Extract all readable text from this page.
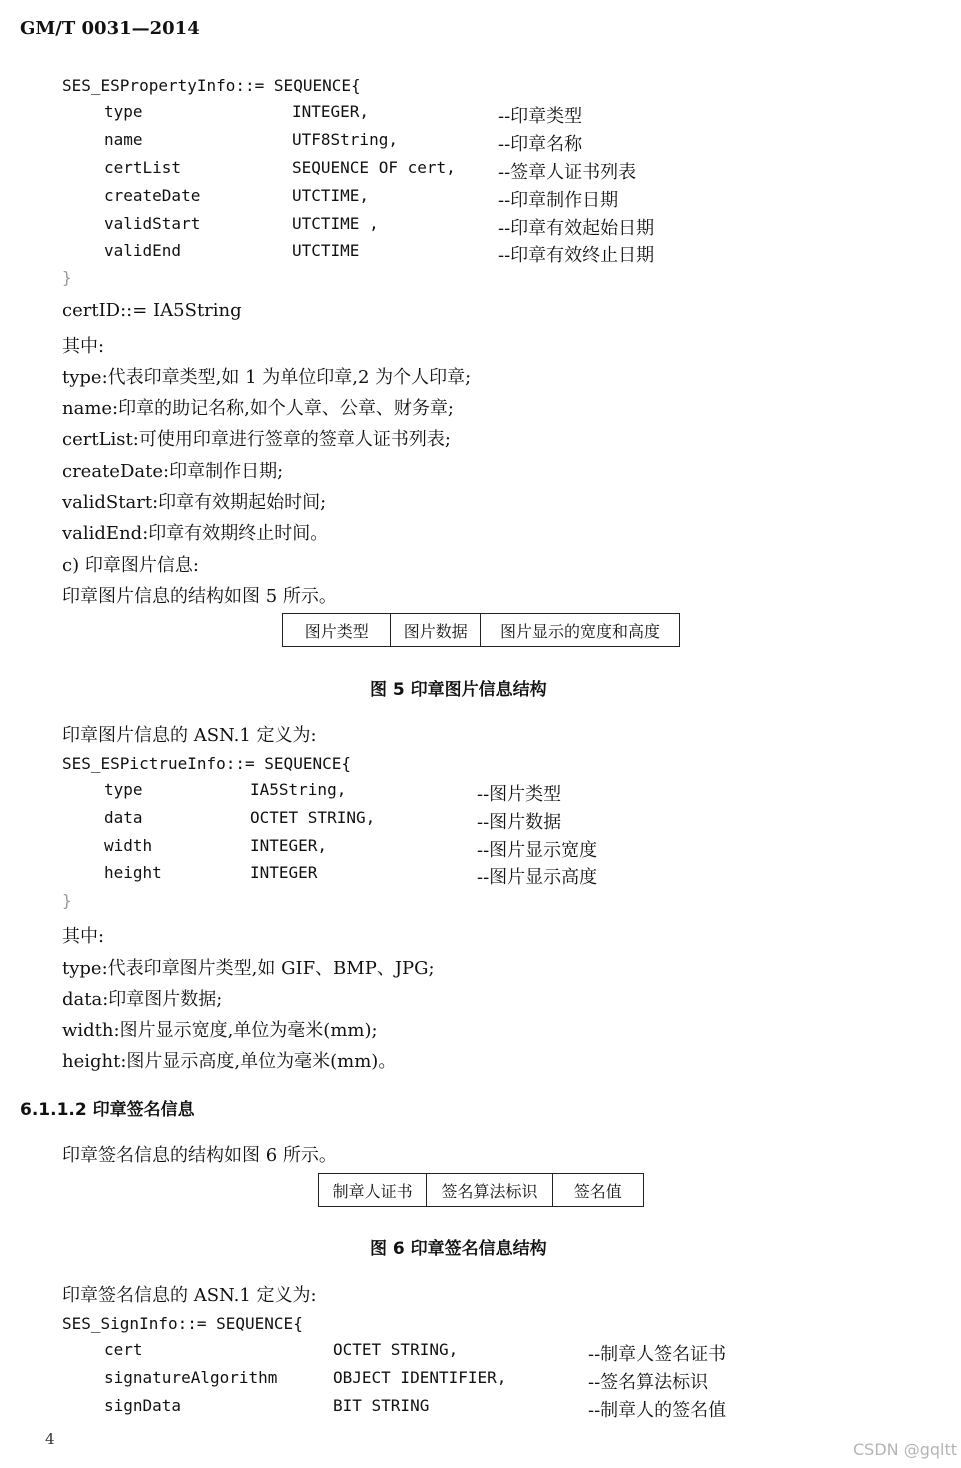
GM/T 0031—2014
SES_ESPropertyInfo::= SEQUENCE{
type	INTEGER,	--印章类型
name	UTF8String,	--印章名称
certList	SEQUENCE OF cert, --签章人证书列表
createDate	UTCTIME,	--印章制作日期
validStart	UTCTIME ,	--印章有效起始日期
validEnd	UTCTIME	--印章有效终止日期
}
certID::= IA5String
其中:
type:代表印章类型,如 1 为单位印章,2 为个人印章;
name:印章的助记名称,如个人章、公章、财务章;
certList:可使用印章进行签章的签章人证书列表;
createDate:印章制作日期;
validStart:印章有效期起始时间;
validEnd:印章有效期终止时间。
c) 印章图片信息:
印章图片信息的结构如图 5 所示。
图片类型	图片数据	图片显示的宽度和高度
图 5 印章图片信息结构
印章图片信息的 ASN.1 定义为:
SES_ESPictrueInfo::= SEQUENCE{
type	IA5String,	--图片类型
data	OCTET STRING,	--图片数据
width	INTEGER,	--图片显示宽度
height	INTEGER	--图片显示高度
}
其中:
type:代表印章图片类型,如 GIF、BMP、JPG;
data:印章图片数据;
width:图片显示宽度,单位为毫米(mm);
height:图片显示高度,单位为毫米(mm)。
6.1.1.2 印章签名信息
印章签名信息的结构如图 6 所示。
制章人证书	签名算法标识	签名值
图 6 印章签名信息结构
印章签名信息的 ASN.1 定义为:
SES_SignInfo::= SEQUENCE{
cert	OCTET STRING,	--制章人签名证书
signatureAlgorithm	OBJECT IDENTIFIER,	--签名算法标识
signData	BIT STRING	--制章人的签名值
4
CSDN @gqltt
